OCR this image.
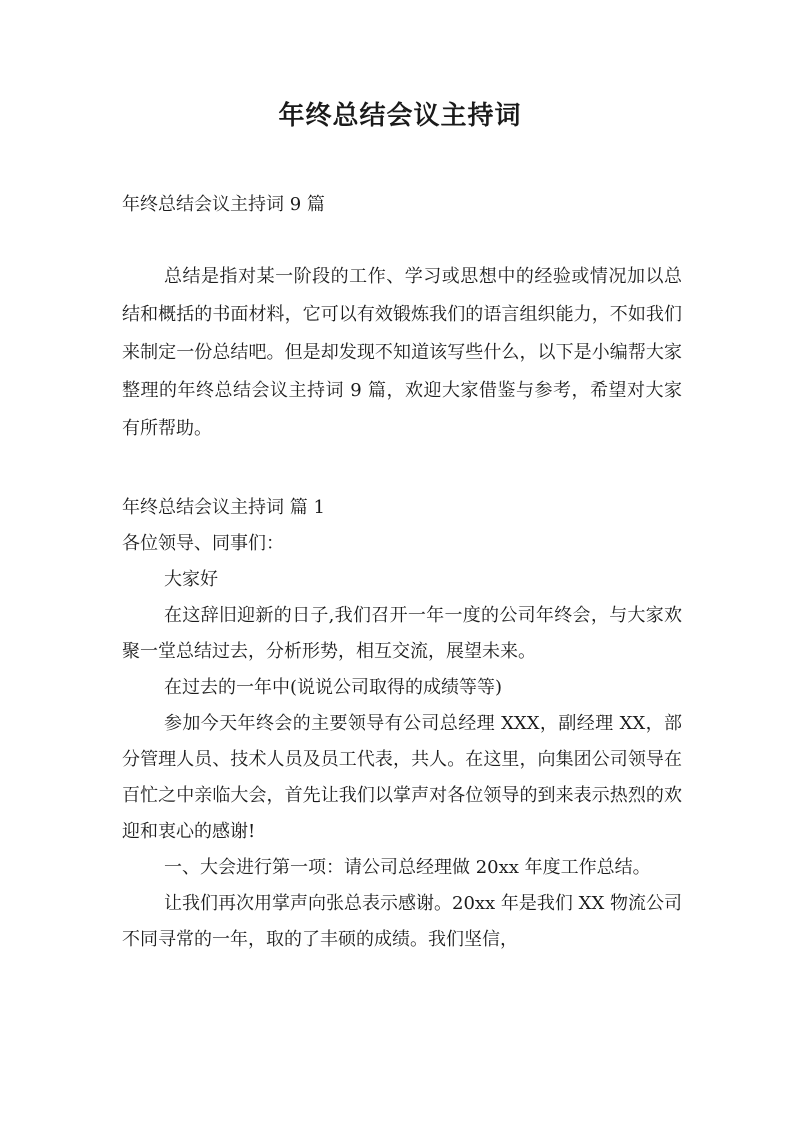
年终总结会议主持词
年终总结会议主持词 9 篇

总结是指对某一阶段的工作、学习或思想中的经验或情况加以总结和概括的书面材料，它可以有效锻炼我们的语言组织能力，不如我们来制定一份总结吧。但是却发现不知道该写些什么，以下是小编帮大家整理的年终总结会议主持词 9 篇，欢迎大家借鉴与参考，希望对大家有所帮助。

年终总结会议主持词 篇 1

各位领导、同事们：

大家好

在这辞旧迎新的日子,我们召开一年一度的公司年终会，与大家欢聚一堂总结过去，分析形势，相互交流，展望未来。

在过去的一年中(说说公司取得的成绩等等)

参加今天年终会的主要领导有公司总经理 XXX，副经理 XX，部分管理人员、技术人员及员工代表，共人。在这里，向集团公司领导在百忙之中亲临大会，首先让我们以掌声对各位领导的到来表示热烈的欢迎和衷心的感谢!

一、大会进行第一项：请公司总经理做 20xx 年度工作总结。

让我们再次用掌声向张总表示感谢。20xx 年是我们 XX 物流公司不同寻常的一年，取的了丰硕的成绩。我们坚信，
